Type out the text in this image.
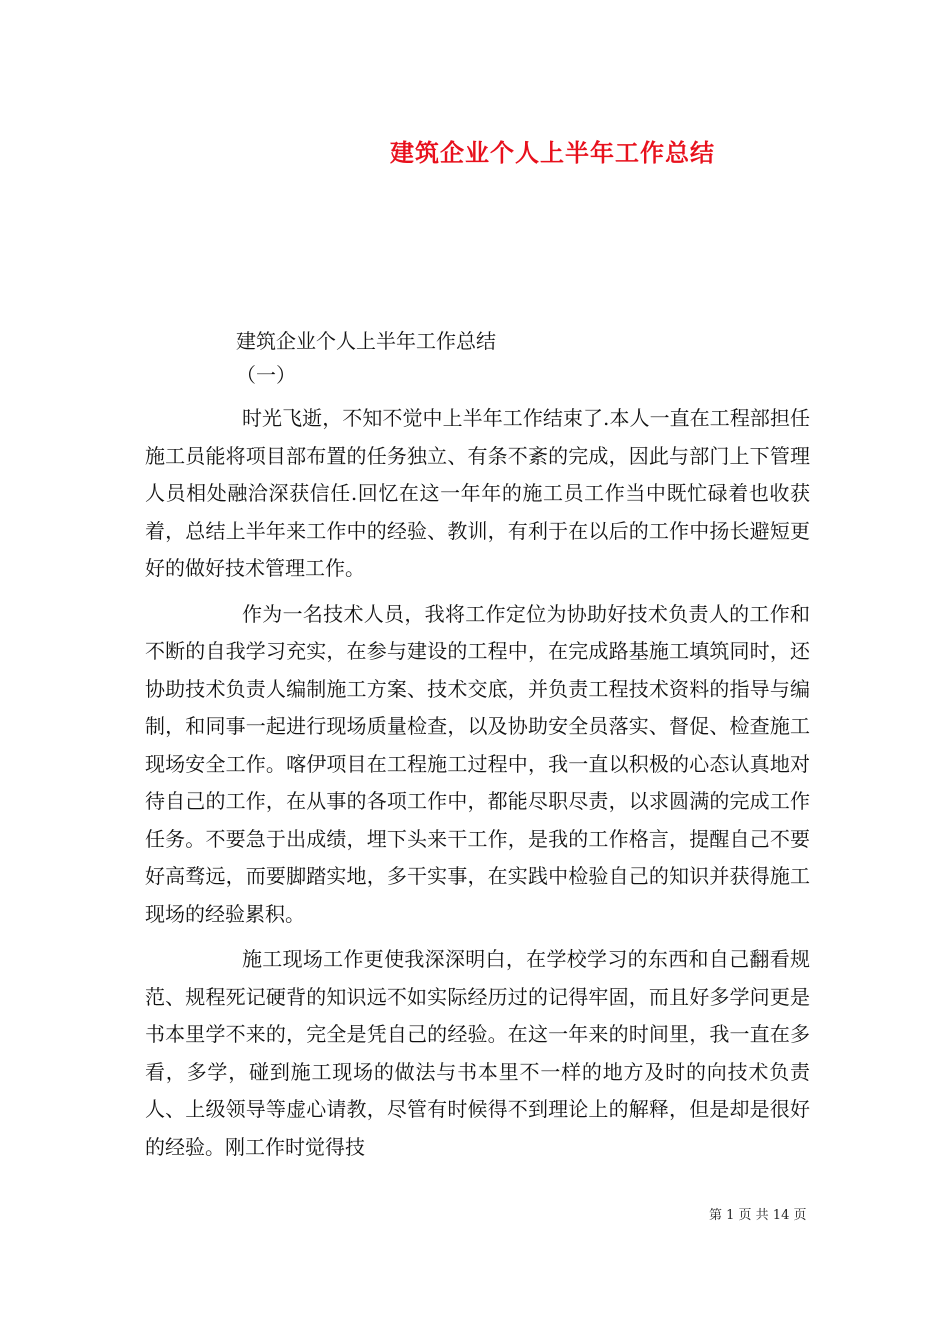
建筑企业个人上半年工作总结
建筑企业个人上半年工作总结
（一）

时光飞逝，不知不觉中上半年工作结束了.本人一直在工程部担任施工员能将项目部布置的任务独立、有条不紊的完成，因此与部门上下管理人员相处融洽深获信任.回忆在这一年年的施工员工作当中既忙碌着也收获着，总结上半年来工作中的经验、教训，有利于在以后的工作中扬长避短更好的做好技术管理工作。

作为一名技术人员，我将工作定位为协助好技术负责人的工作和不断的自我学习充实，在参与建设的工程中，在完成路基施工填筑同时，还协助技术负责人编制施工方案、技术交底，并负责工程技术资料的指导与编制，和同事一起进行现场质量检查，以及协助安全员落实、督促、检查施工现场安全工作。喀伊项目在工程施工过程中，我一直以积极的心态认真地对待自己的工作，在从事的各项工作中，都能尽职尽责，以求圆满的完成工作任务。不要急于出成绩，埋下头来干工作，是我的工作格言，提醒自己不要好高骛远，而要脚踏实地，多干实事，在实践中检验自己的知识并获得施工现场的经验累积。

施工现场工作更使我深深明白，在学校学习的东西和自己翻看规范、规程死记硬背的知识远不如实际经历过的记得牢固，而且好多学问更是书本里学不来的，完全是凭自己的经验。在这一年来的时间里，我一直在多看，多学，碰到施工现场的做法与书本里不一样的地方及时的向技术负责人、上级领导等虚心请教，尽管有时候得不到理论上的解释，但是却是很好的经验。刚工作时觉得技

第 1 页 共 14 页
